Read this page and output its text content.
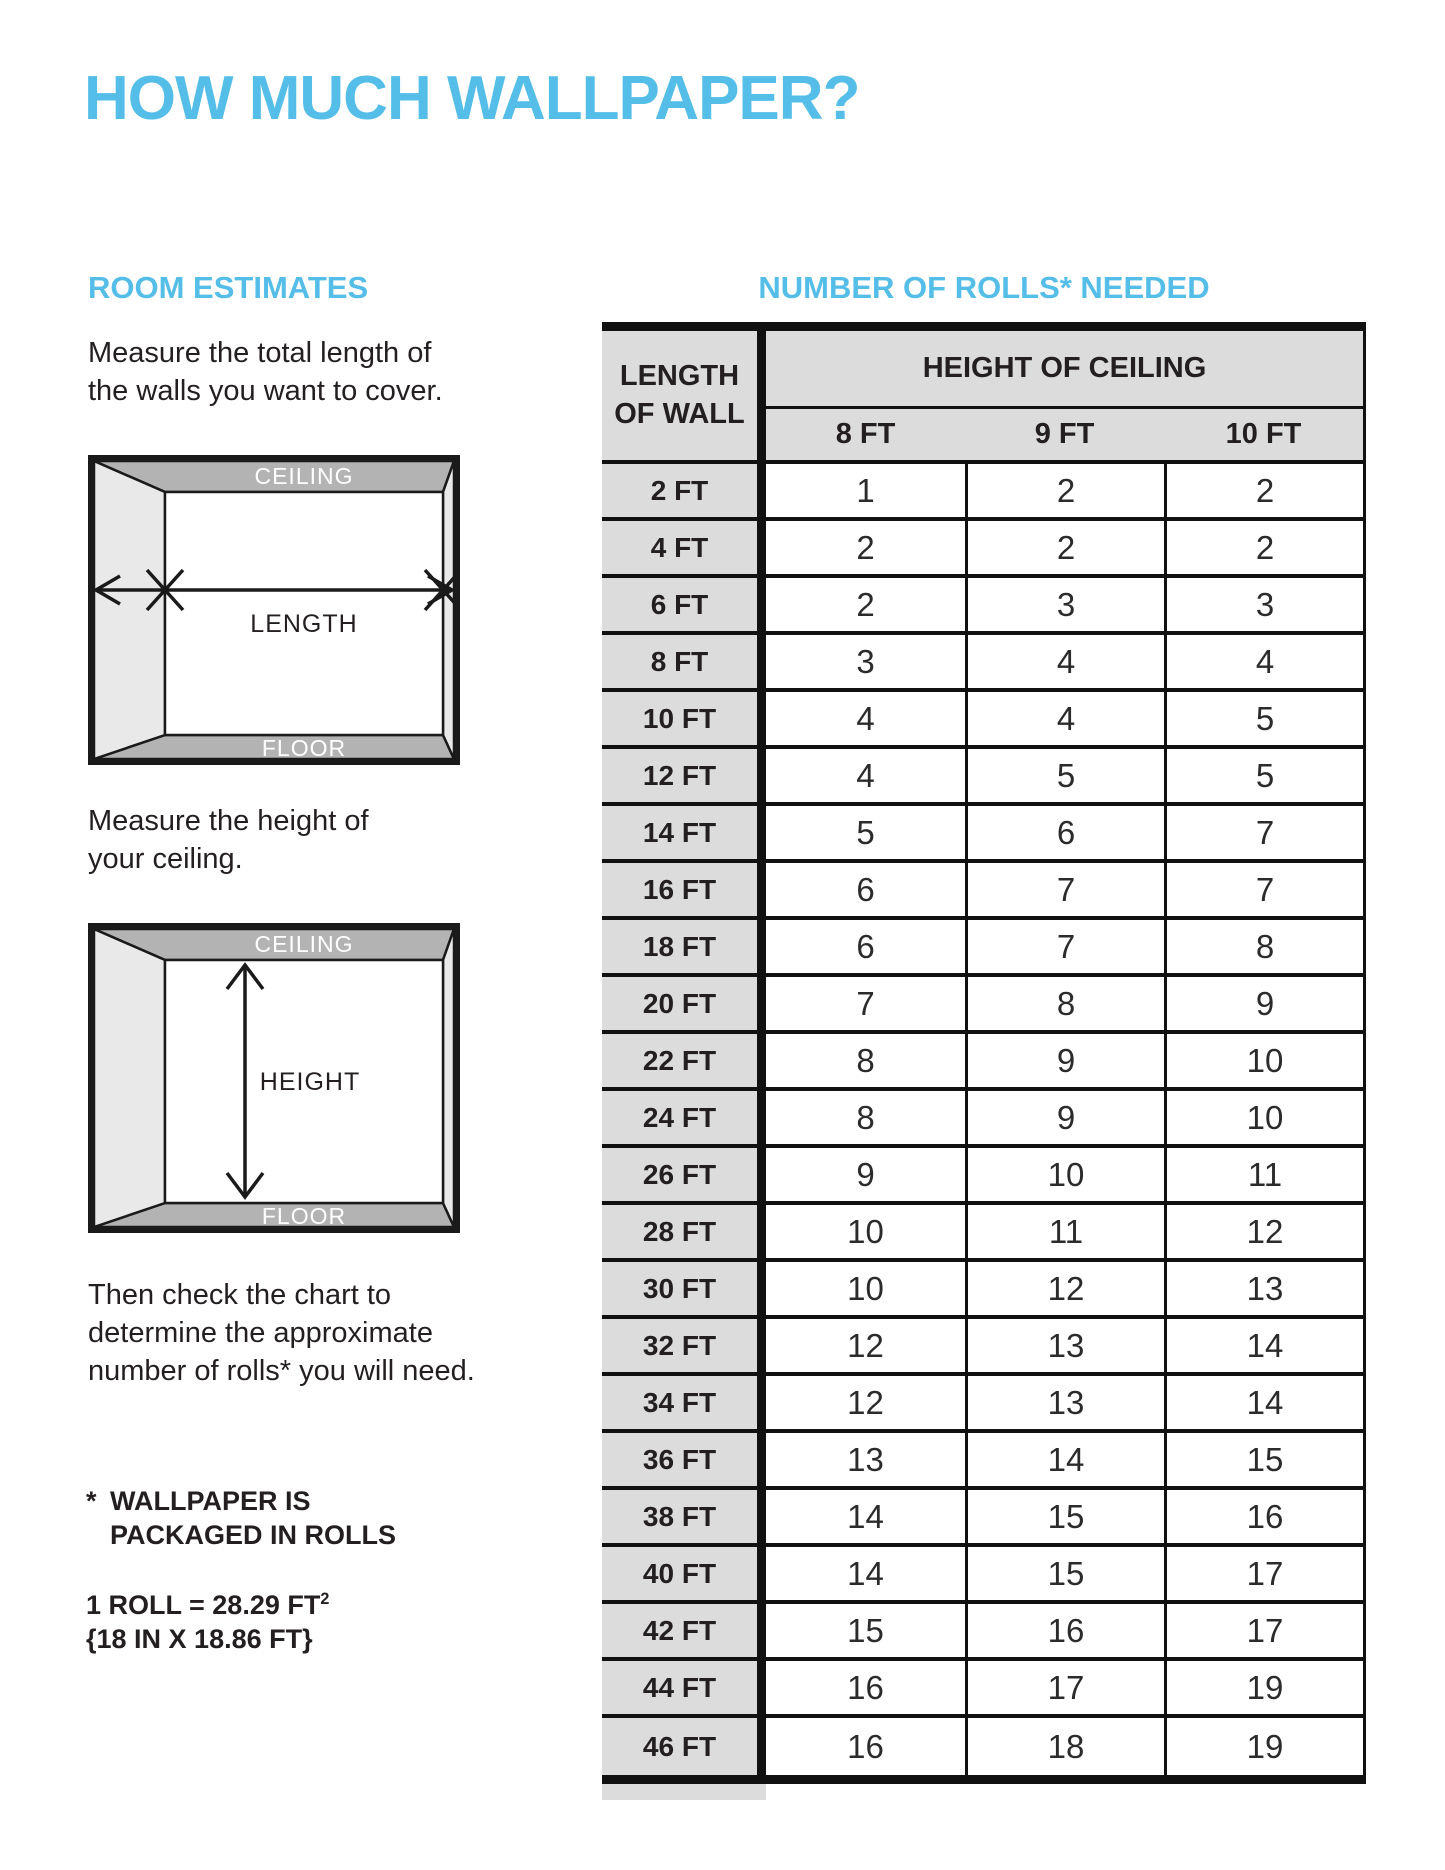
HOW MUCH WALLPAPER?
ROOM ESTIMATES	NUMBER OF ROLLS* NEEDED
Measure the total length of
the walls you want to cover.
CEILING
LENGTH
FLOOR
Measure the height of
your ceiling.
CEILING
HEIGHT
FLOOR
Then check the chart to
determine the approximate
number of rolls* you will need.
* WALLPAPER IS
PACKAGED IN ROLLS
1 ROLL = 28.29 $FT^2$
{18 IN X 18.86 FT}
LENGTH
OF WALL
HEIGHT OF CEILING
8 FT	9 FT	10 FT
2 FT	1	2	2
4 FT	2	2	2
6 FT	2	3	3
8 FT	3	4	4
10 FT	4	4	5
12 FT	4	5	5
14 FT	5	6	7
16 FT	6	7	7
18 FT	6	7	8
20 FT	7	8	9
22 FT	8	9	10
24 FT	8	9	10
26 FT	9	10	11
28 FT	10	11	12
30 FT	10	12	13
32 FT	12	13	14
34 FT	12	13	14
36 FT	13	14	15
38 FT	14	15	16
40 FT	14	15	17
42 FT	15	16	17
44 FT	16	17	19
46 FT	16	18	19
